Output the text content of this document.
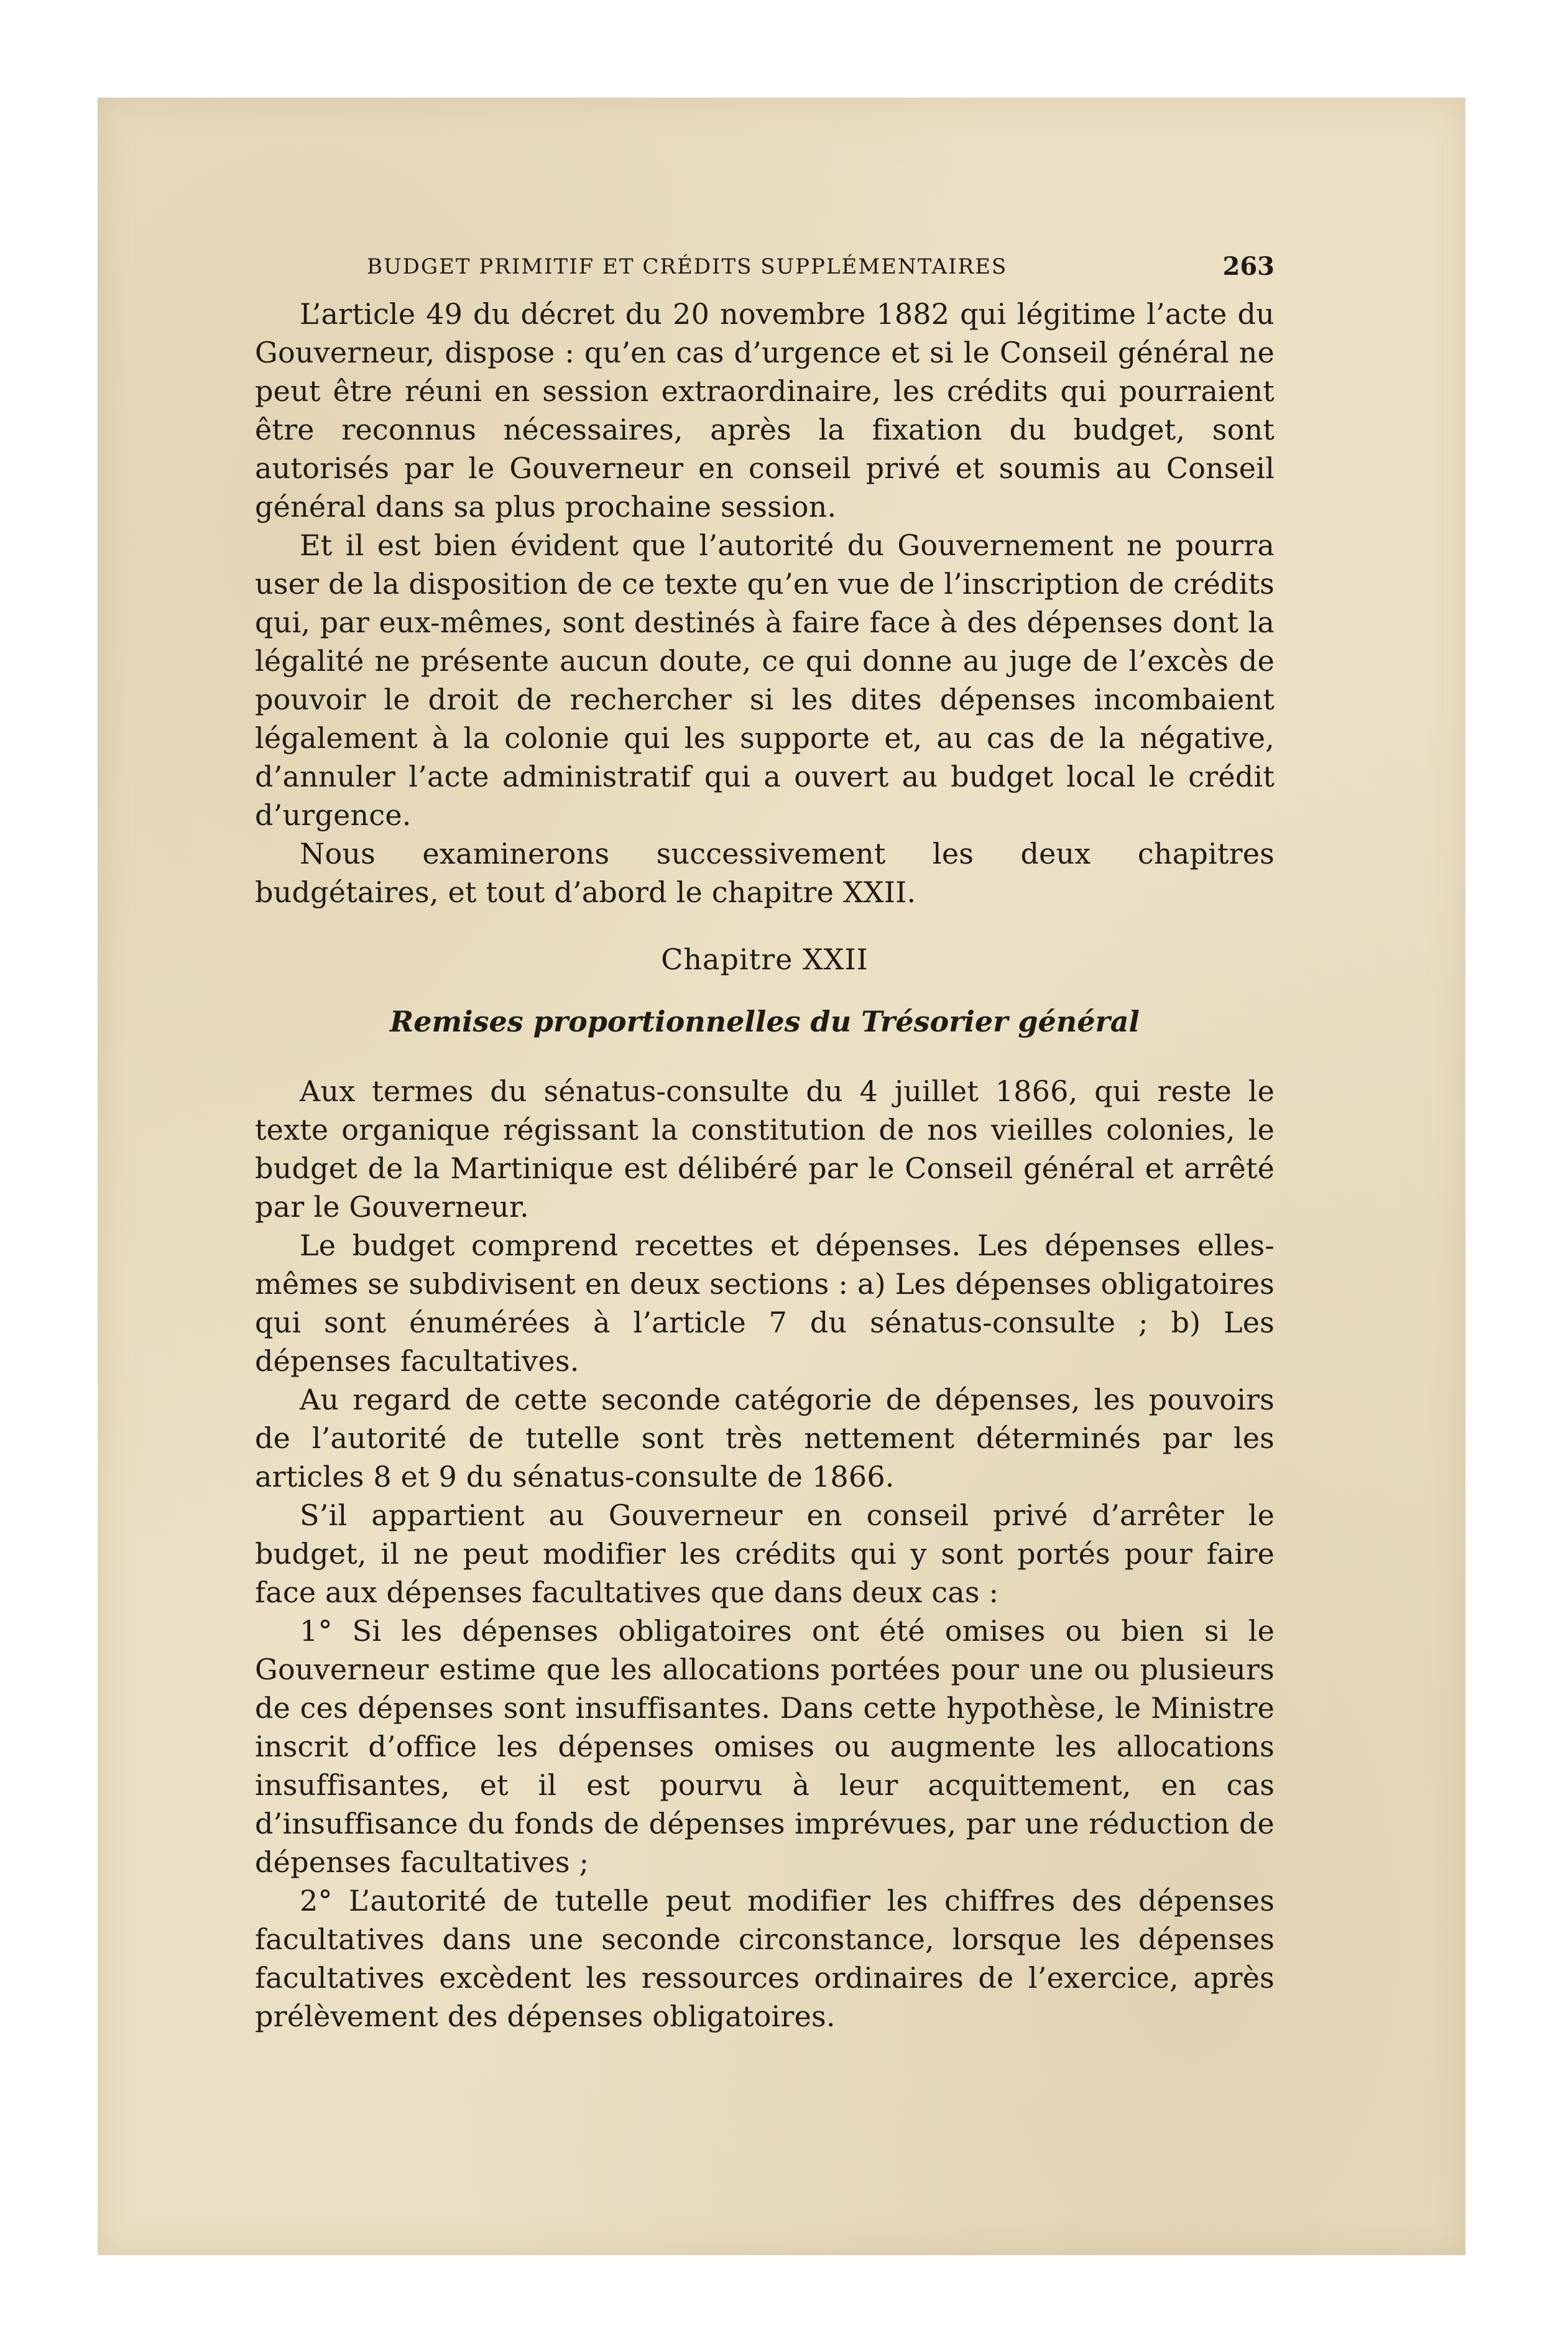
BUDGET PRIMITIF ET CRÉDITS SUPPLÉMENTAIRES	263

L’article 49 du décret du 20 novembre 1882 qui légitime l’acte du Gouverneur, dispose : qu’en cas d’urgence et si le Conseil général ne peut être réuni en session extraordinaire, les crédits qui pourraient être reconnus nécessaires, après la fixation du budget, sont autorisés par le Gouverneur en conseil privé et soumis au Conseil général dans sa plus prochaine session.

Et il est bien évident que l’autorité du Gouvernement ne pourra user de la disposition de ce texte qu’en vue de l’inscription de crédits qui, par eux-mêmes, sont destinés à faire face à des dépenses dont la légalité ne présente aucun doute, ce qui donne au juge de l’excès de pouvoir le droit de rechercher si les dites dépenses incombaient légalement à la colonie qui les supporte et, au cas de la négative, d’annuler l’acte administratif qui a ouvert au budget local le crédit d’urgence.

Nous examinerons successivement les deux chapitres budgétaires, et tout d’abord le chapitre XXII.

Chapitre XXII
Remises proportionnelles du Trésorier général

Aux termes du sénatus-consulte du 4 juillet 1866, qui reste le texte organique régissant la constitution de nos vieilles colonies, le budget de la Martinique est délibéré par le Conseil général et arrêté par le Gouverneur.

Le budget comprend recettes et dépenses. Les dépenses elles-mêmes se subdivisent en deux sections : a) Les dépenses obligatoires qui sont énumérées à l’article 7 du sénatus-consulte ; b) Les dépenses facultatives.

Au regard de cette seconde catégorie de dépenses, les pouvoirs de l’autorité de tutelle sont très nettement déterminés par les articles 8 et 9 du sénatus-consulte de 1866.

S’il appartient au Gouverneur en conseil privé d’arrêter le budget, il ne peut modifier les crédits qui y sont portés pour faire face aux dépenses facultatives que dans deux cas :

1° Si les dépenses obligatoires ont été omises ou bien si le Gouverneur estime que les allocations portées pour une ou plusieurs de ces dépenses sont insuffisantes. Dans cette hypothèse, le Ministre inscrit d’office les dépenses omises ou augmente les allocations insuffisantes, et il est pourvu à leur acquittement, en cas d’insuffisance du fonds de dépenses imprévues, par une réduction de dépenses facultatives ;

2° L’autorité de tutelle peut modifier les chiffres des dépenses facultatives dans une seconde circonstance, lorsque les dépenses facultatives excèdent les ressources ordinaires de l’exercice, après prélèvement des dépenses obligatoires.
